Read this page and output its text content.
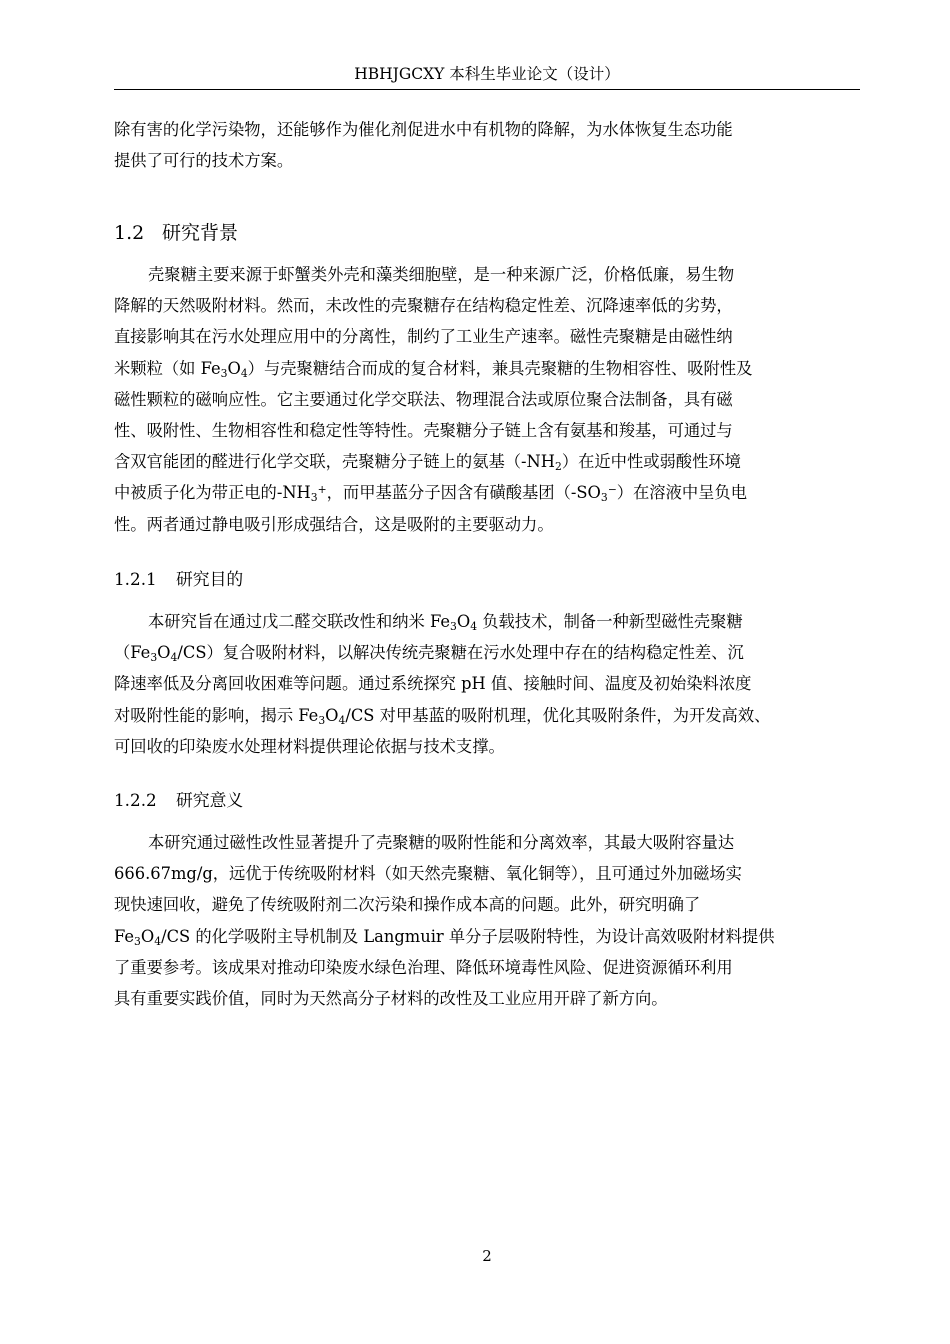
HBHJGCXY 本科生毕业论文（设计）
除有害的化学污染物，还能够作为催化剂促进水中有机物的降解，为水体恢复生态功能
提供了可行的技术方案。
1.2 研究背景
壳聚糖主要来源于虾蟹类外壳和藻类细胞壁，是一种来源广泛，价格低廉，易生物
降解的天然吸附材料。然而，未改性的壳聚糖存在结构稳定性差、沉降速率低的劣势，
直接影响其在污水处理应用中的分离性，制约了工业生产速率。磁性壳聚糖是由磁性纳
米颗粒（如 $Fe_3O_4$）与壳聚糖结合而成的复合材料，兼具壳聚糖的生物相容性、吸附性及
磁性颗粒的磁响应性。它主要通过化学交联法、物理混合法或原位聚合法制备，具有磁
性、吸附性、生物相容性和稳定性等特性。壳聚糖分子链上含有氨基和羧基，可通过与
含双官能团的醛进行化学交联，壳聚糖分子链上的氨基$(-NH_2)$在近中性或弱酸性环境
中被质子化为带正电的$-NH_3^+$，而甲基蓝分子因含有磺酸基团$(-SO_3^-)$在溶液中呈负电
性。两者通过静电吸引形成强结合，这是吸附的主要驱动力。
1.2.1 研究目的
本研究旨在通过戊二醛交联改性和纳米 $Fe_3O_4$ 负载技术，制备一种新型磁性壳聚糖
$(Fe_3O_4/CS)$复合吸附材料，以解决传统壳聚糖在污水处理中存在的结构稳定性差、沉
降速率低及分离回收困难等问题。通过系统探究 pH 值、接触时间、温度及初始染料浓度
对吸附性能的影响，揭示 $Fe_3O_4/CS$ 对甲基蓝的吸附机理，优化其吸附条件，为开发高效、
可回收的印染废水处理材料提供理论依据与技术支撑。
1.2.2 研究意义
本研究通过磁性改性显著提升了壳聚糖的吸附性能和分离效率，其最大吸附容量达
666.67mg/g，远优于传统吸附材料（如天然壳聚糖、氧化铜等），且可通过外加磁场实
现快速回收，避免了传统吸附剂二次污染和操作成本高的问题。此外，研究明确了
$Fe_3O_4/CS$ 的化学吸附主导机制及 Langmuir 单分子层吸附特性，为设计高效吸附材料提供
了重要参考。该成果对推动印染废水绿色治理、降低环境毒性风险、促进资源循环利用
具有重要实践价值，同时为天然高分子材料的改性及工业应用开辟了新方向。
2
